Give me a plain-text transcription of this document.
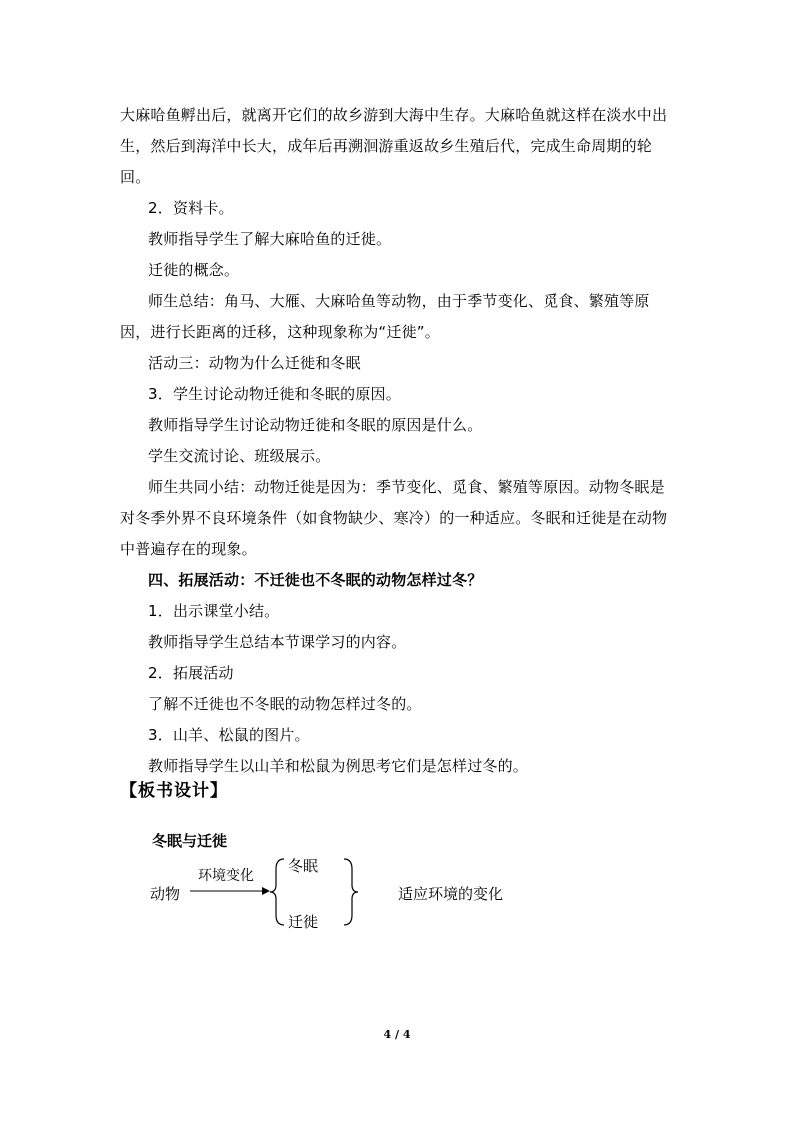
大麻哈鱼孵出后，就离开它们的故乡游到大海中生存。大麻哈鱼就这样在淡水中出生，然后到海洋中长大，成年后再溯洄游重返故乡生殖后代，完成生命周期的轮回。

2．资料卡。

教师指导学生了解大麻哈鱼的迁徙。

迁徙的概念。

师生总结：角马、大雁、大麻哈鱼等动物，由于季节变化、觅食、繁殖等原因，进行长距离的迁移，这种现象称为“迁徙”。

活动三：动物为什么迁徙和冬眠

3．学生讨论动物迁徙和冬眠的原因。

教师指导学生讨论动物迁徙和冬眠的原因是什么。

学生交流讨论、班级展示。

师生共同小结：动物迁徙是因为：季节变化、觅食、繁殖等原因。动物冬眠是对冬季外界不良环境条件（如食物缺少、寒冷）的一种适应。冬眠和迁徙是在动物中普遍存在的现象。

四、拓展活动：不迁徙也不冬眠的动物怎样过冬？

1．出示课堂小结。

教师指导学生总结本节课学习的内容。

2．拓展活动

了解不迁徙也不冬眠的动物怎样过冬的。

3．山羊、松鼠的图片。

教师指导学生以山羊和松鼠为例思考它们是怎样过冬的。

【板书设计】
冬眠与迁徙
动物
环境变化
冬眠
迁徙
适应环境的变化
4 / 4
